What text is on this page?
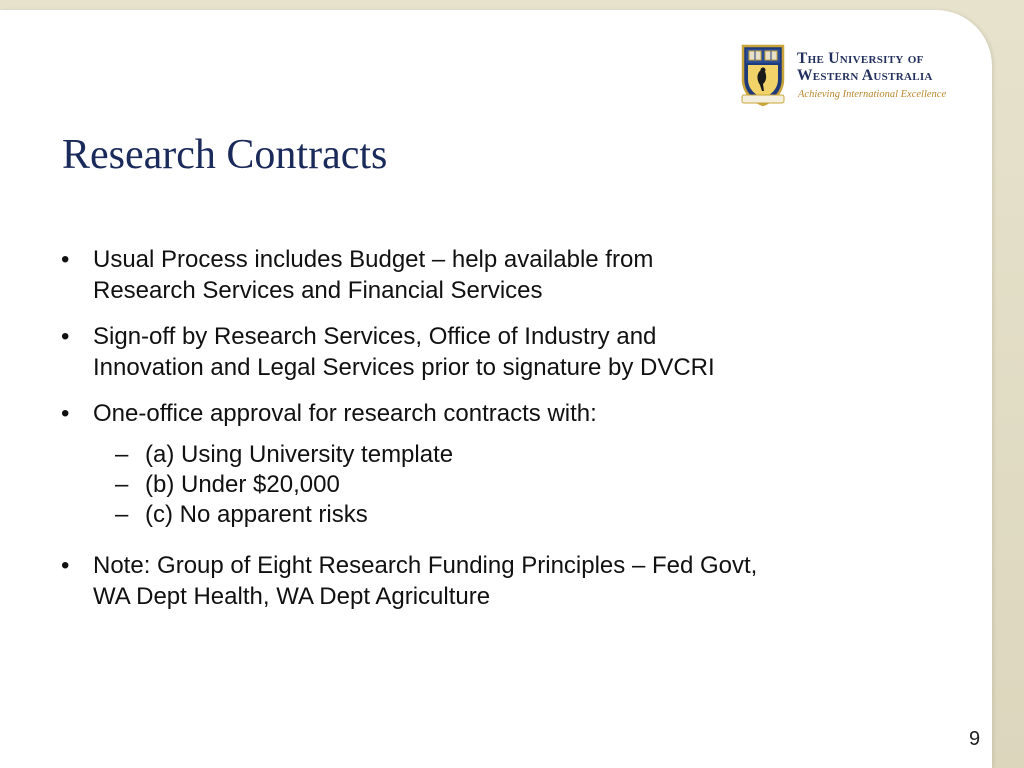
The University of
Western Australia
Achieving International Excellence
Research Contracts
• Usual Process includes Budget – help available from
Research Services and Financial Services
• Sign-off by Research Services, Office of Industry and
Innovation and Legal Services prior to signature by DVCRI
• One-office approval for research contracts with:
– (a) Using University template
– (b) Under $20,000
– (c) No apparent risks
• Note: Group of Eight Research Funding Principles – Fed Govt,
WA Dept Health, WA Dept Agriculture
9
